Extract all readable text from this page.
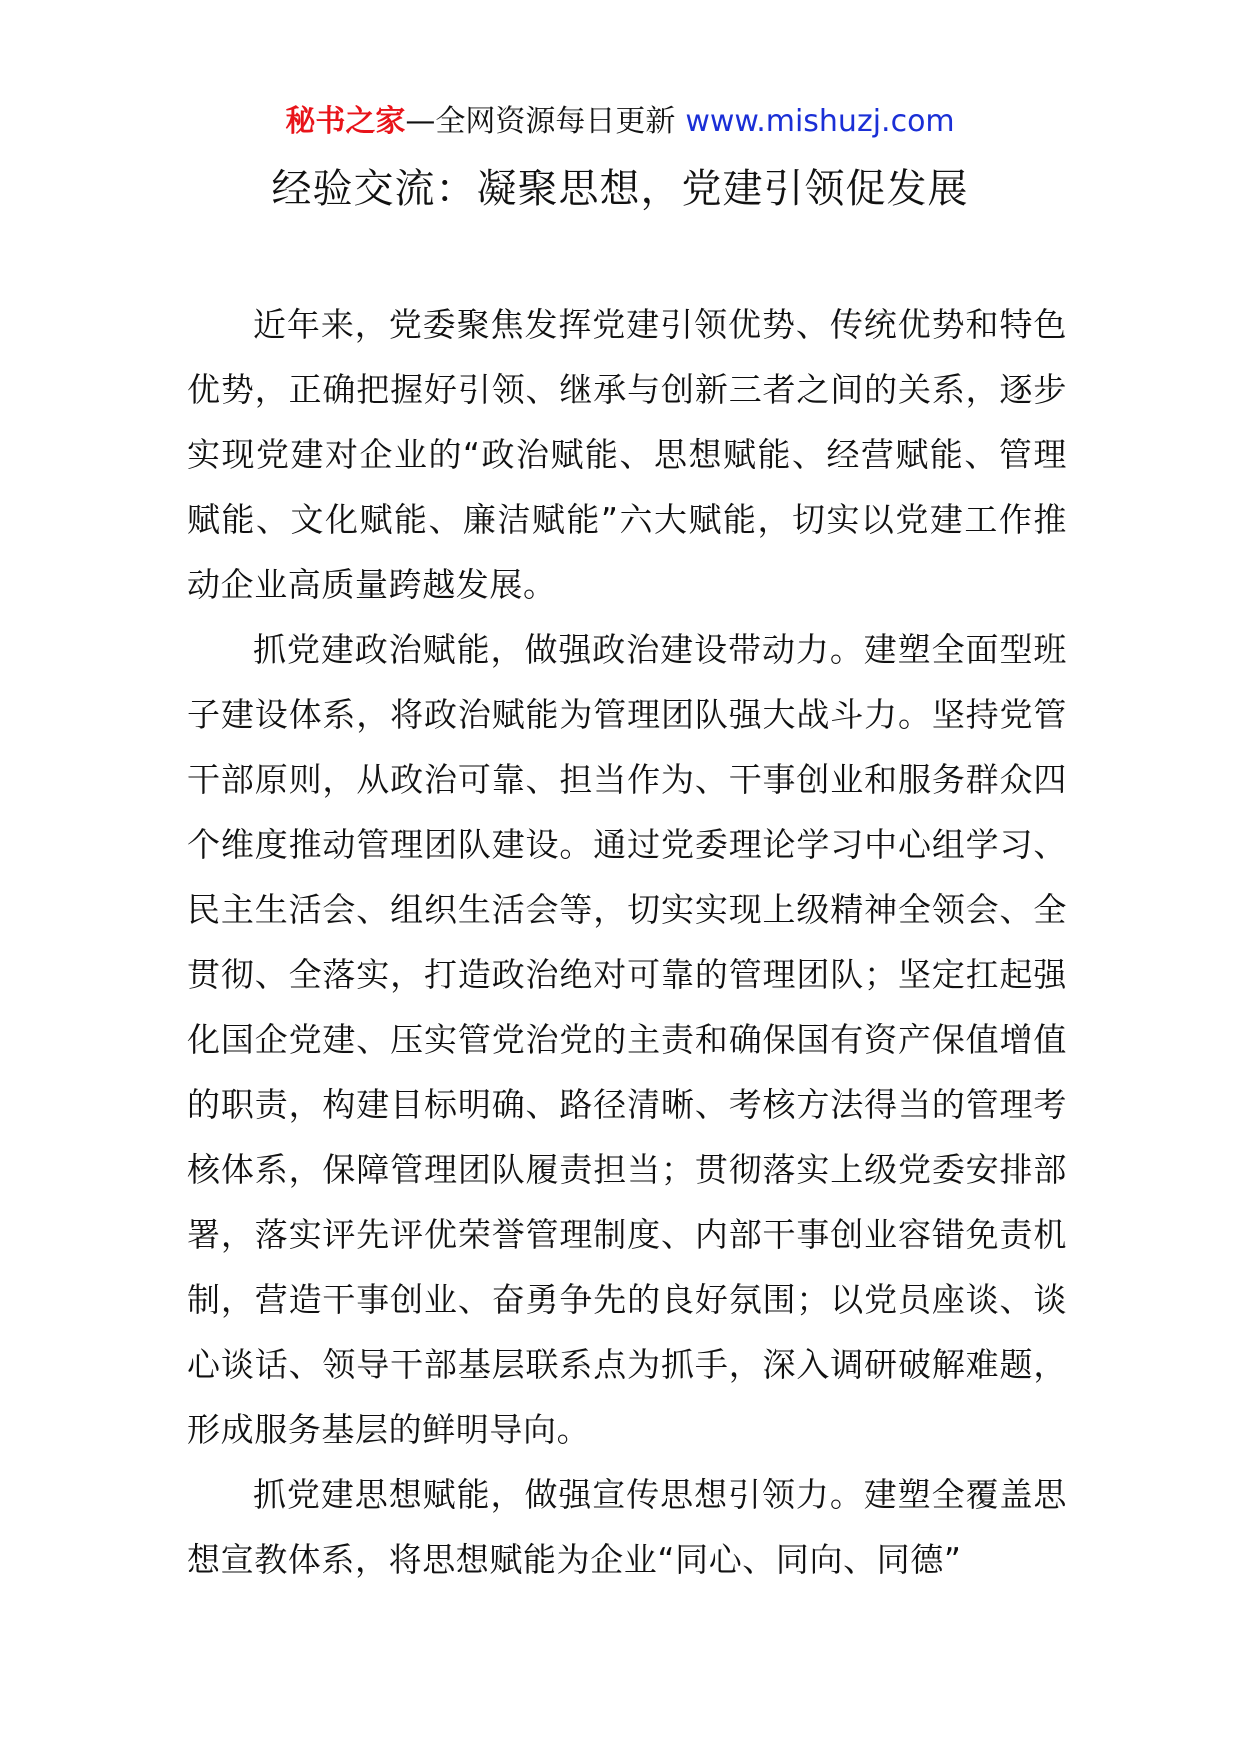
秘书之家—全网资源每日更新 www.mishuzj.com
经验交流：凝聚思想，党建引领促发展

近年来，党委聚焦发挥党建引领优势、传统优势和特色优势，正确把握好引领、继承与创新三者之间的关系，逐步实现党建对企业的“政治赋能、思想赋能、经营赋能、管理赋能、文化赋能、廉洁赋能”六大赋能，切实以党建工作推动企业高质量跨越发展。

抓党建政治赋能，做强政治建设带动力。建塑全面型班子建设体系，将政治赋能为管理团队强大战斗力。坚持党管干部原则，从政治可靠、担当作为、干事创业和服务群众四个维度推动管理团队建设。通过党委理论学习中心组学习、民主生活会、组织生活会等，切实实现上级精神全领会、全贯彻、全落实，打造政治绝对可靠的管理团队；坚定扛起强化国企党建、压实管党治党的主责和确保国有资产保值增值的职责，构建目标明确、路径清晰、考核方法得当的管理考核体系，保障管理团队履责担当；贯彻落实上级党委安排部署，落实评先评优荣誉管理制度、内部干事创业容错免责机制，营造干事创业、奋勇争先的良好氛围；以党员座谈、谈心谈话、领导干部基层联系点为抓手，深入调研破解难题，形成服务基层的鲜明导向。

抓党建思想赋能，做强宣传思想引领力。建塑全覆盖思想宣教体系，将思想赋能为企业“同心、同向、同德”
